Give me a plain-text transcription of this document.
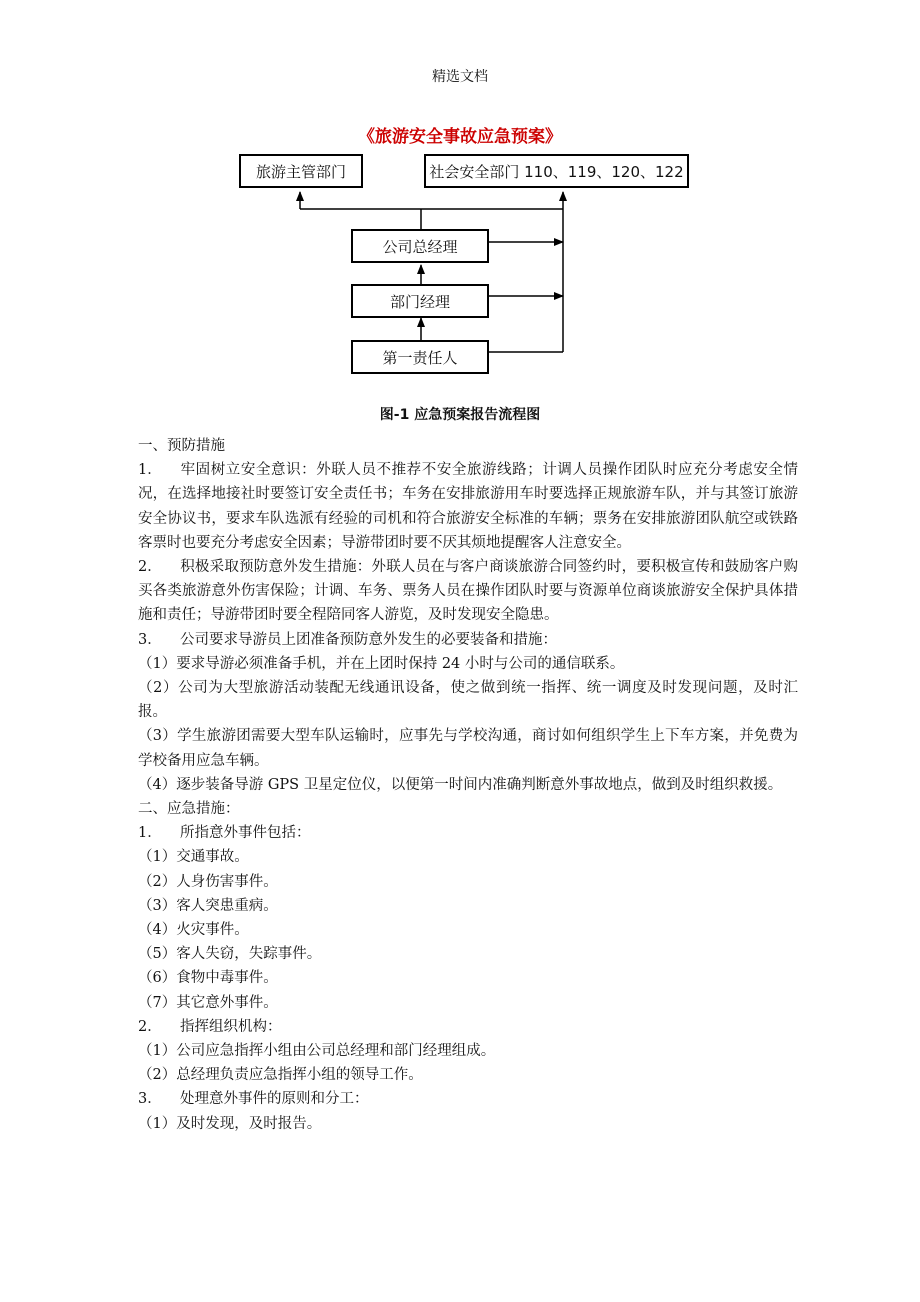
精选文档
《旅游安全事故应急预案》
旅游主管部门	社会安全部门 110、119、120、122
公司总经理
部门经理
第一责任人
图-1 应急预案报告流程图

一、预防措施

1． 牢固树立安全意识：外联人员不推荐不安全旅游线路；计调人员操作团队时应充分考虑安全情况，在选择地接社时要签订安全责任书；车务在安排旅游用车时要选择正规旅游车队，并与其签订旅游安全协议书，要求车队选派有经验的司机和符合旅游安全标准的车辆；票务在安排旅游团队航空或铁路客票时也要充分考虑安全因素；导游带团时要不厌其烦地提醒客人注意安全。

2． 积极采取预防意外发生措施：外联人员在与客户商谈旅游合同签约时，要积极宣传和鼓励客户购买各类旅游意外伤害保险；计调、车务、票务人员在操作团队时要与资源单位商谈旅游安全保护具体措施和责任；导游带团时要全程陪同客人游览，及时发现安全隐患。

3． 公司要求导游员上团准备预防意外发生的必要装备和措施：

（1）要求导游必须准备手机，并在上团时保持 24 小时与公司的通信联系。

（2）公司为大型旅游活动装配无线通讯设备，使之做到统一指挥、统一调度及时发现问题，及时汇报。

（3）学生旅游团需要大型车队运输时，应事先与学校沟通，商讨如何组织学生上下车方案，并免费为学校备用应急车辆。

（4）逐步装备导游 GPS 卫星定位仪，以便第一时间内准确判断意外事故地点，做到及时组织救援。

二、应急措施：

1． 所指意外事件包括：

（1）交通事故。

（2）人身伤害事件。

（3）客人突患重病。

（4）火灾事件。

（5）客人失窃，失踪事件。

（6）食物中毒事件。

（7）其它意外事件。

2． 指挥组织机构：

（1）公司应急指挥小组由公司总经理和部门经理组成。

（2）总经理负责应急指挥小组的领导工作。

3． 处理意外事件的原则和分工：

（1）及时发现，及时报告。
